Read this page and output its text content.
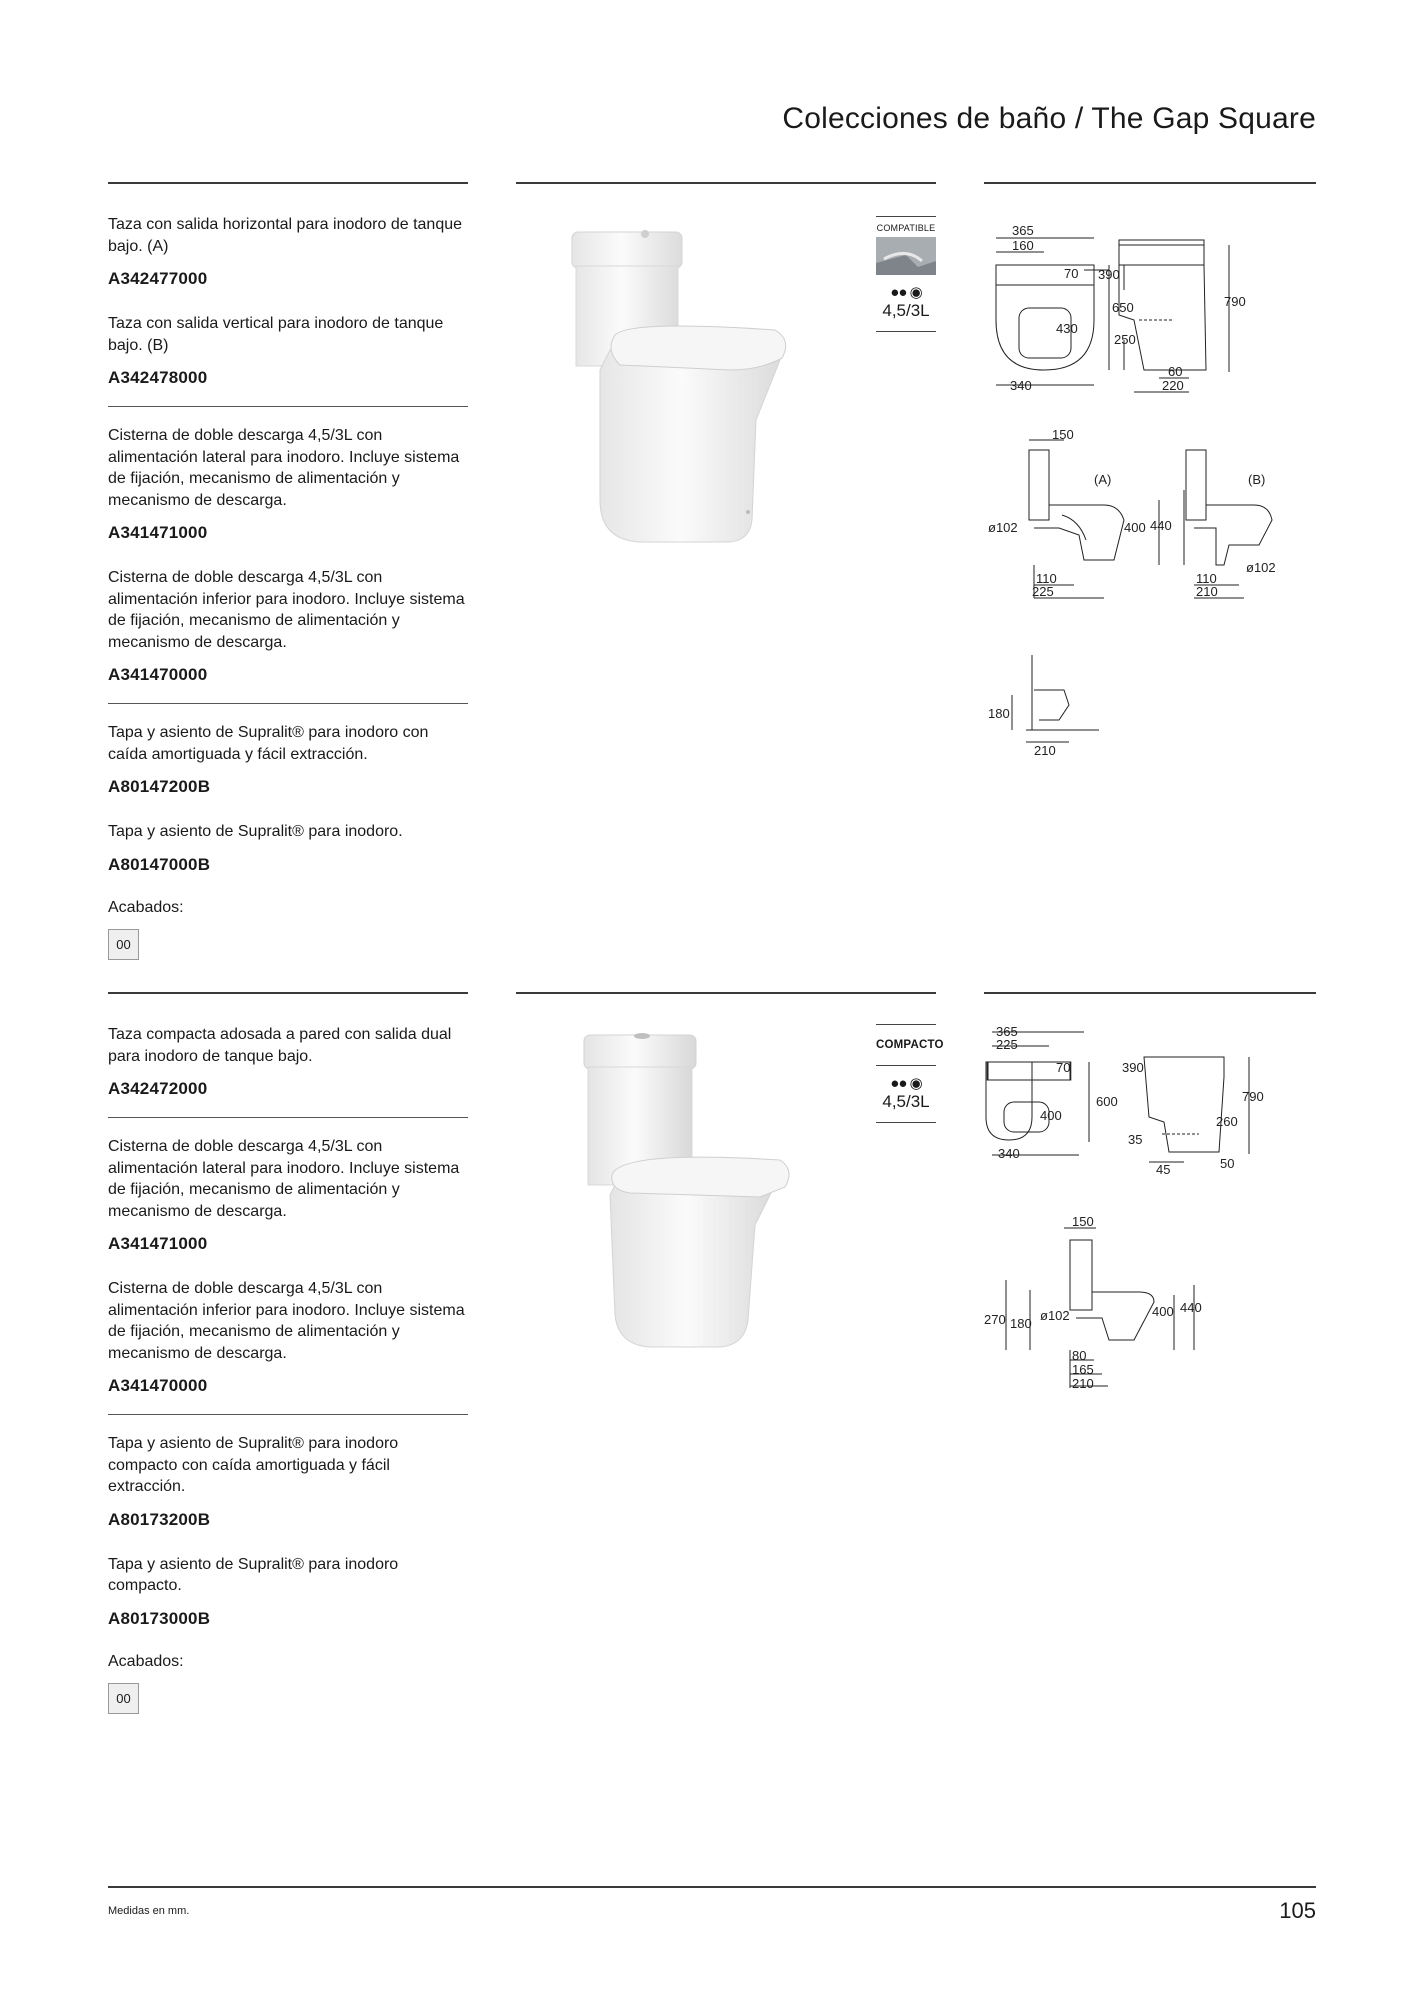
Colecciones de baño / The Gap Square
Taza con salida horizontal para inodoro de tanque bajo. (A)
A342477000
Taza con salida vertical para inodoro de tanque bajo. (B)
A342478000
Cisterna de doble descarga 4,5/3L con alimentación lateral para inodoro. Incluye sistema de fijación, mecanismo de alimentación y mecanismo de descarga.
A341471000
Cisterna de doble descarga 4,5/3L con alimentación inferior para inodoro. Incluye sistema de fijación, mecanismo de alimentación y mecanismo de descarga.
A341470000
Tapa y asiento de Supralit® para inodoro con caída amortiguada y fácil extracción.
A80147200B
Tapa y asiento de Supralit® para inodoro.
A80147000B
Acabados:
00
COMPATIBLE
●● ◉
4,5/3L
365
160
70
650
430
340
390
790
250
60
220
150
(A)	(B)
ø102	400 440
110
225
ø102
110
210
180
210
Taza compacta adosada a pared con salida dual para inodoro de tanque bajo.
A342472000
Cisterna de doble descarga 4,5/3L con alimentación lateral para inodoro. Incluye sistema de fijación, mecanismo de alimentación y mecanismo de descarga.
A341471000
Cisterna de doble descarga 4,5/3L con alimentación inferior para inodoro. Incluye sistema de fijación, mecanismo de alimentación y mecanismo de descarga.
A341470000
Tapa y asiento de Supralit® para inodoro compacto con caída amortiguada y fácil extracción.
A80173200B
Tapa y asiento de Supralit® para inodoro compacto.
A80173000B
Acabados:
00
COMPACTO
●● ◉
4,5/3L
365
225
70
600
400
340
390
790
260
35
45	50
150
270 180
ø102	400 440
80
165
210
Medidas en mm.	105
